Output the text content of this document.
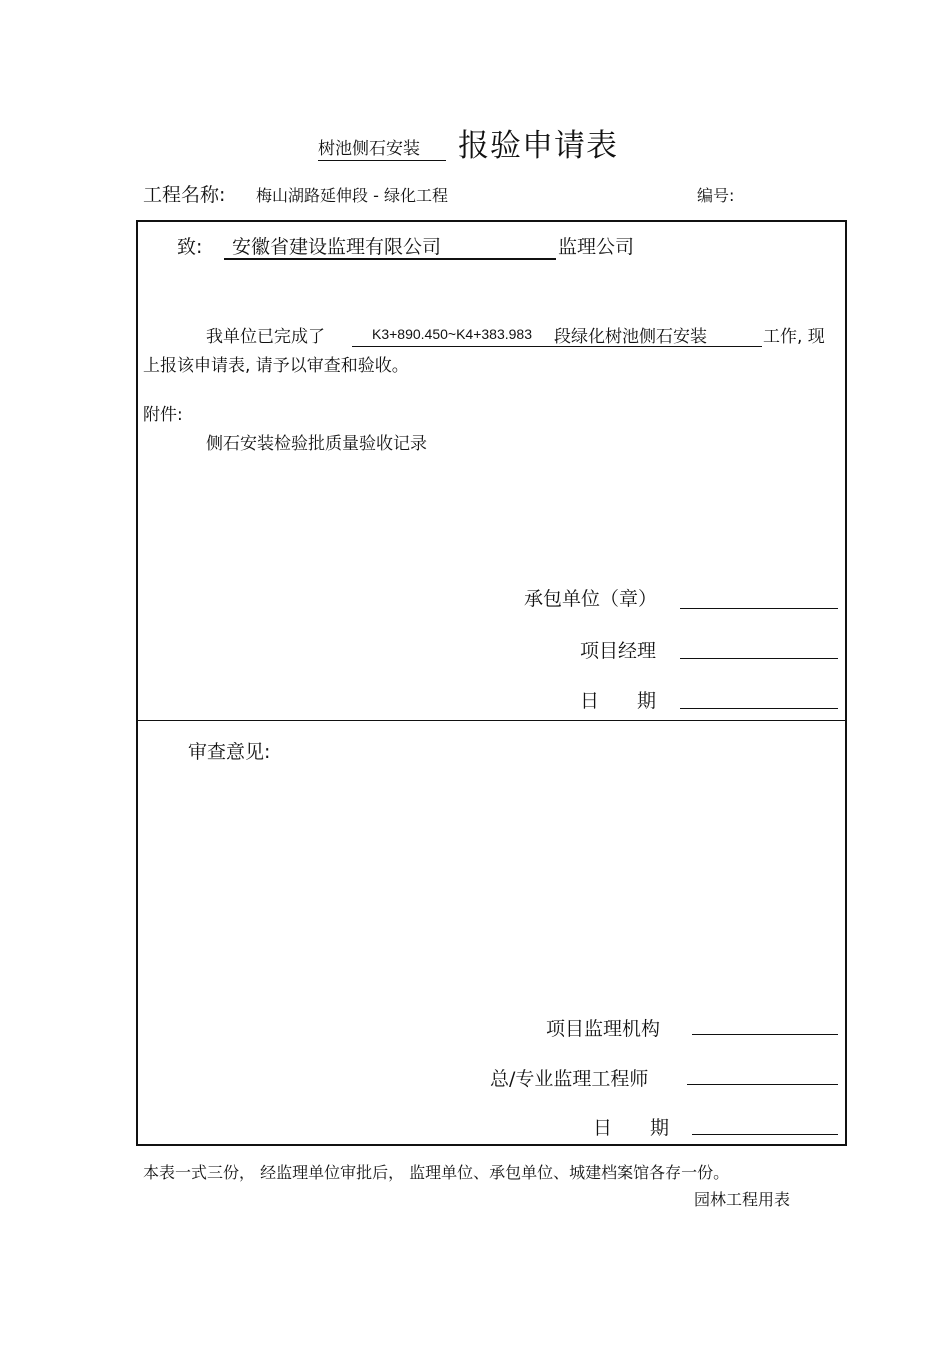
树池侧石安装	报验申请表
工程名称: 梅山湖路延伸段 - 绿化工程	编号:
致:	安徽省建设监理有限公司	监理公司
我单位已完成了	K3+890.450~K4+383.983 段绿化树池侧石安装	工作, 现
上报该申请表, 请予以审查和验收。
附件:
侧石安装检验批质量验收记录
承包单位（章）
项目经理
日　　期
审查意见:
项目监理机构
总/专业监理工程师
日　　期
本表一式三份， 经监理单位审批后， 监理单位、承包单位、城建档案馆各存一份。
园林工程用表
